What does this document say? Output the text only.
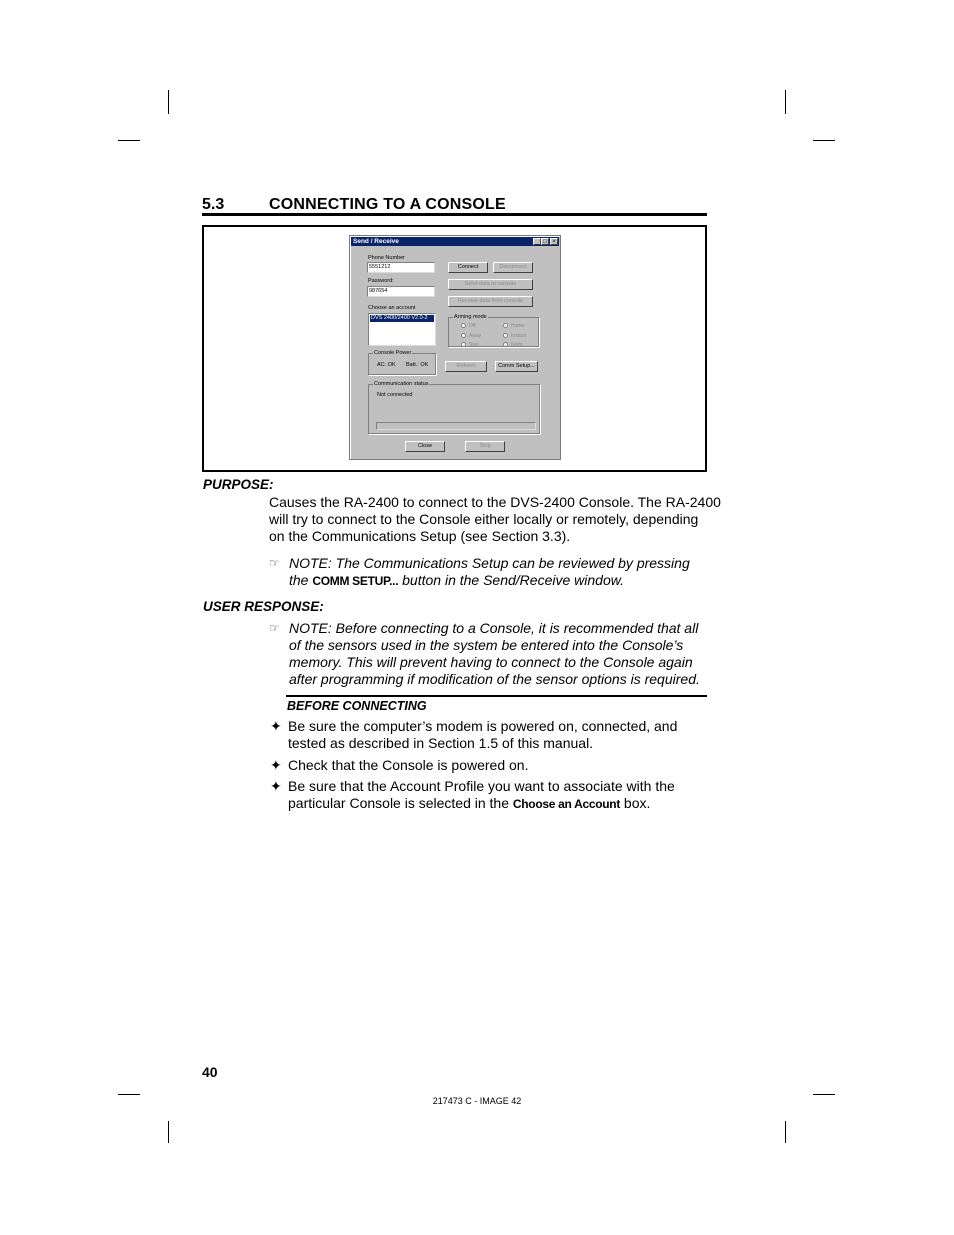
5.3	CONNECTING TO A CONSOLE
Send / Receive	_ □ ×
Phone Number
5551212
Password:
987654
Choose an account
DVS 2400/2400 V2.0-2
Connect	Disconnect
Send data to console
Receive data from console
Arming mode
Off
Away
Stay
Home
Instant
Night
Console Power
AC: OK Batt.: OK	Refresh	Comm Setup...
Communication status
Not connected
Close	Stop
PURPOSE:
Causes the RA-2400 to connect to the DVS-2400 Console. The RA-2400
will try to connect to the Console either locally or remotely, depending
on the Communications Setup (see Section 3.3).
☞ NOTE: The Communications Setup can be reviewed by pressing
the COMM SETUP... button in the Send/Receive window.
USER RESPONSE:
☞ NOTE: Before connecting to a Console, it is recommended that all
of the sensors used in the system be entered into the Console’s
memory. This will prevent having to connect to the Console again
after programming if modification of the sensor options is required.
BEFORE CONNECTING
✦ Be sure the computer’s modem is powered on, connected, and
tested as described in Section 1.5 of this manual.
✦ Check that the Console is powered on.
✦ Be sure that the Account Profile you want to associate with the
particular Console is selected in the Choose an Account box.
40
217473 C - IMAGE 42
